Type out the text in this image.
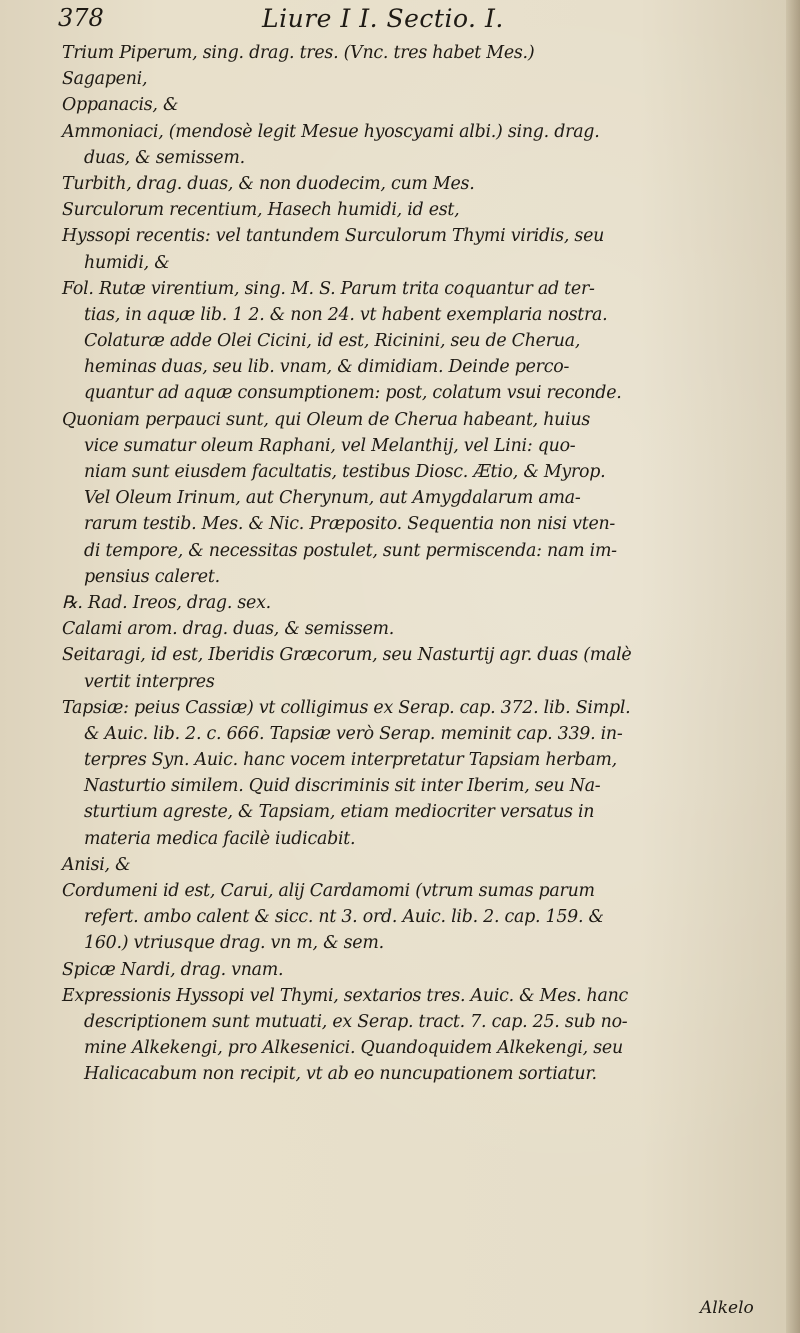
378	Liure I I. Sectio. I.
Trium Piperum, sing. drag. tres. (Vnc. tres habet Mes.)
Sagapeni,
Oppanacis, &
Ammoniaci, (mendosè legit Mesue hyoscyami albi.) sing. drag.
duas, & semissem.
Turbith, drag. duas, & non duodecim, cum Mes.
Surculorum recentium, Hasech humidi, id est,
Hyssopi recentis: vel tantundem Surculorum Thymi viridis, seu
humidi, &
Fol. Rutæ virentium, sing. M. S. Parum trita coquantur ad ter-
tias, in aquæ lib. 1 2. & non 24. vt habent exemplaria nostra.
Colaturæ adde Olei Cicini, id est, Ricinini, seu de Cherua,
heminas duas, seu lib. vnam, & dimidiam. Deinde perco-
quantur ad aquæ consumptionem: post, colatum vsui reconde.
Quoniam perpauci sunt, qui Oleum de Cherua habeant, huius
vice sumatur oleum Raphani, vel Melanthij, vel Lini: quo-
niam sunt eiusdem facultatis, testibus Diosc. Ætio, & Myrop.
Vel Oleum Irinum, aut Cherynum, aut Amygdalarum ama-
rarum testib. Mes. & Nic. Præposito. Sequentia non nisi vten-
di tempore, & necessitas postulet, sunt permiscenda: nam im-
pensius caleret.
℞. Rad. Ireos, drag. sex.
Calami arom. drag. duas, & semissem.
Seitaragi, id est, Iberidis Græcorum, seu Nasturtij agr. duas (malè
vertit interpres
Tapsiæ: peius Cassiæ) vt colligimus ex Serap. cap. 372. lib. Simpl.
& Auic. lib. 2. c. 666. Tapsiæ verò Serap. meminit cap. 339. in-
terpres Syn. Auic. hanc vocem interpretatur Tapsiam herbam,
Nasturtio similem. Quid discriminis sit inter Iberim, seu Na-
sturtium agreste, & Tapsiam, etiam mediocriter versatus in
materia medica facilè iudicabit.
Anisi, &
Cordumeni id est, Carui, alij Cardamomi (vtrum sumas parum
refert. ambo calent & sicc. nt 3. ord. Auic. lib. 2. cap. 159. &
160.) vtriusque drag. vn m, & sem.
Spicæ Nardi, drag. vnam.
Expressionis Hyssopi vel Thymi, sextarios tres. Auic. & Mes. hanc
descriptionem sunt mutuati, ex Serap. tract. 7. cap. 25. sub no-
mine Alkekengi, pro Alkesenici. Quandoquidem Alkekengi, seu
Halicacabum non recipit, vt ab eo nuncupationem sortiatur.
Alkelo
